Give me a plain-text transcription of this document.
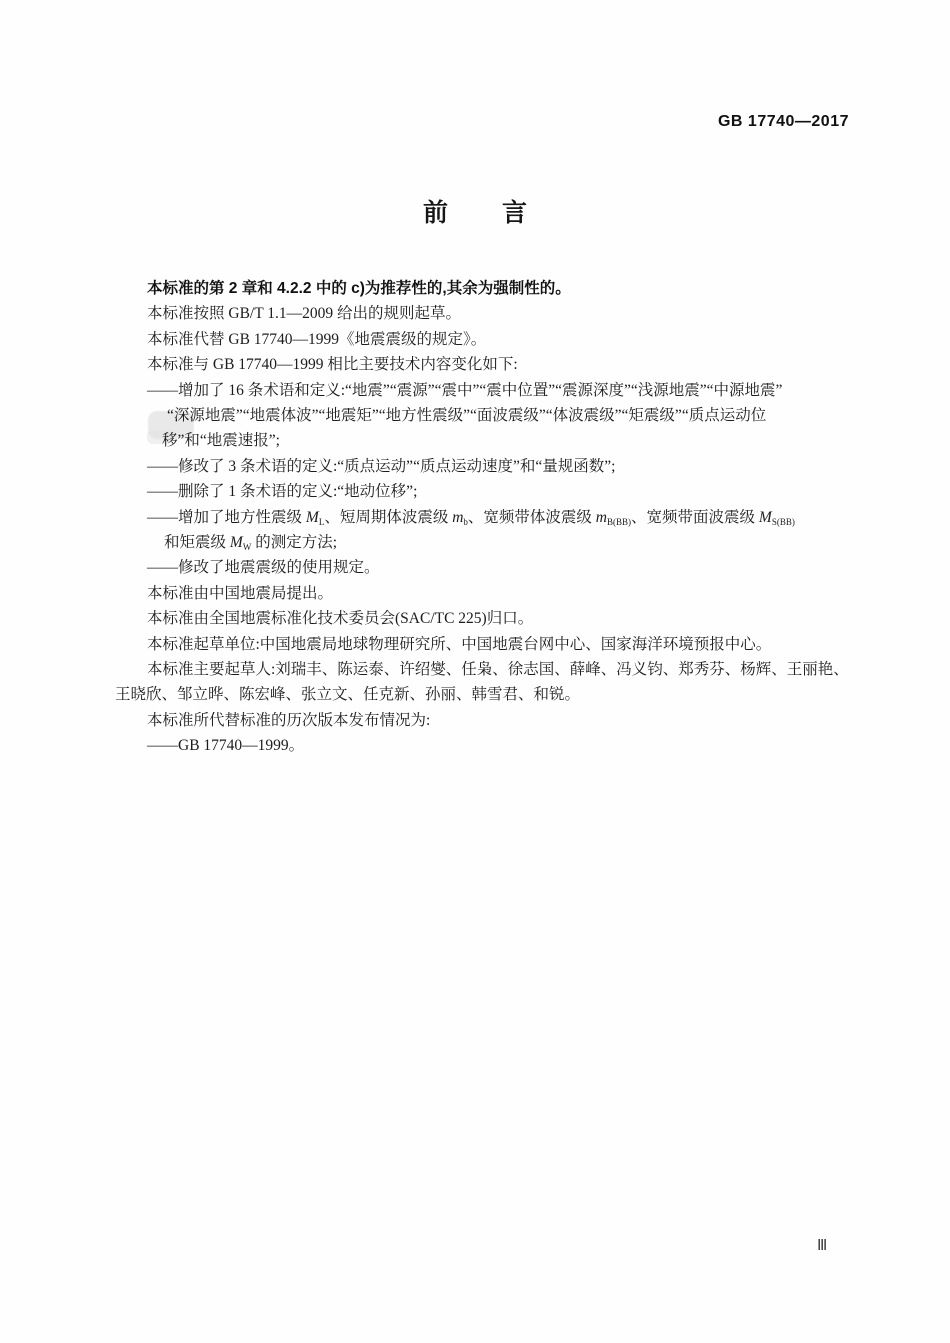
GB 17740—2017
前 言
本标准的第 2 章和 4.2.2 中的 c)为推荐性的,其余为强制性的。
本标准按照 GB/T 1.1—2009 给出的规则起草。
本标准代替 GB 17740—1999《地震震级的规定》。
本标准与 GB 17740—1999 相比主要技术内容变化如下:
——增加了 16 条术语和定义:“地震”“震源”“震中”“震中位置”“震源深度”“浅源地震”“中源地震”
“深源地震”“地震体波”“地震矩”“地方性震级”“面波震级”“体波震级”“矩震级”“质点运动位
移”和“地震速报”;
——修改了 3 条术语的定义:“质点运动”“质点运动速度”和“量规函数”;
——删除了 1 条术语的定义:“地动位移”;
——增加了地方性震级 $M_L$、短周期体波震级 $m_b$、宽频带体波震级 $m_{B(BB)}$、宽频带面波震级 $M_{S(BB)}$
和矩震级 $M_W$ 的测定方法;
——修改了地震震级的使用规定。
本标准由中国地震局提出。
本标准由全国地震标准化技术委员会(SAC/TC 225)归口。
本标准起草单位:中国地震局地球物理研究所、中国地震台网中心、国家海洋环境预报中心。
本标准主要起草人:刘瑞丰、陈运泰、许绍燮、任枭、徐志国、薛峰、冯义钧、郑秀芬、杨辉、王丽艳、
王晓欣、邹立晔、陈宏峰、张立文、任克新、孙丽、韩雪君、和锐。
本标准所代替标准的历次版本发布情况为:
——GB 17740—1999。
Ⅲ
